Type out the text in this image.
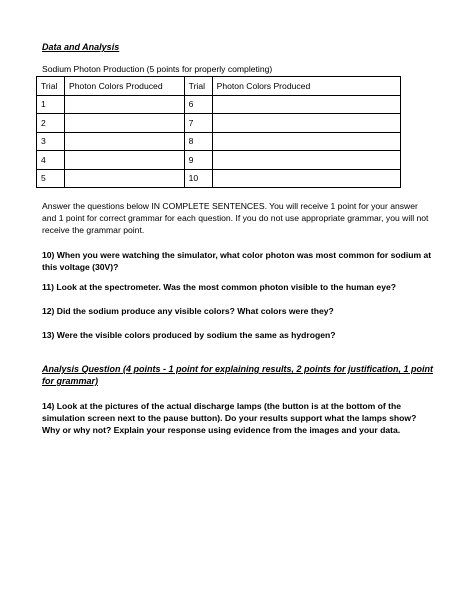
Data and Analysis
Sodium Photon Production (5 points for properly completing)
Trial	Photon Colors Produced	Trial	Photon Colors Produced
1		6	
2		7	
3		8	
4		9	
5		10	
Answer the questions below IN COMPLETE SENTENCES. You will receive 1 point for your answer and 1 point for correct grammar for each question. If you do not use appropriate grammar, you will not receive the grammar point.
10) When you were watching the simulator, what color photon was most common for sodium at this voltage (30V)?
11) Look at the spectrometer. Was the most common photon visible to the human eye?
12) Did the sodium produce any visible colors? What colors were they?
13) Were the visible colors produced by sodium the same as hydrogen?
Analysis Question (4 points - 1 point for explaining results, 2 points for justification, 1 point for grammar)
14) Look at the pictures of the actual discharge lamps (the button is at the bottom of the simulation screen next to the pause button). Do your results support what the lamps show? Why or why not? Explain your response using evidence from the images and your data.
